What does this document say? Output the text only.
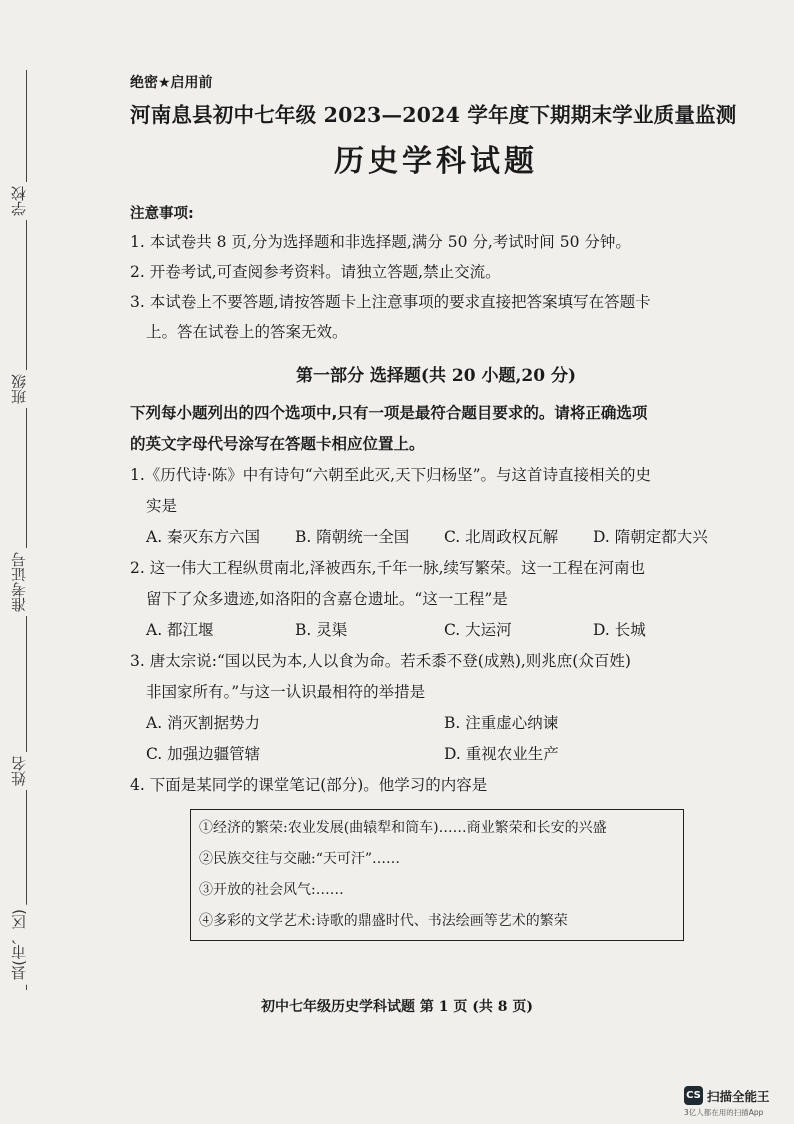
学校
班级
准考证号
姓名
县(市、区)
绝密★启用前
河南息县初中七年级 2023—2024 学年度下期期末学业质量监测
历史学科试题
注意事项:
1. 本试卷共 8 页,分为选择题和非选择题,满分 50 分,考试时间 50 分钟。
2. 开卷考试,可查阅参考资料。请独立答题,禁止交流。
3. 本试卷上不要答题,请按答题卡上注意事项的要求直接把答案填写在答题卡
上。答在试卷上的答案无效。
第一部分 选择题(共 20 小题,20 分)
下列每小题列出的四个选项中,只有一项是最符合题目要求的。请将正确选项
的英文字母代号涂写在答题卡相应位置上。
1.《历代诗·陈》中有诗句“六朝至此灭,天下归杨坚”。与这首诗直接相关的史
实是
A. 秦灭东方六国	B. 隋朝统一全国	C. 北周政权瓦解	D. 隋朝定都大兴
2. 这一伟大工程纵贯南北,泽被西东,千年一脉,续写繁荣。这一工程在河南也
留下了众多遗迹,如洛阳的含嘉仓遗址。“这一工程”是
A. 都江堰	B. 灵渠	C. 大运河	D. 长城
3. 唐太宗说:“国以民为本,人以食为命。若禾黍不登(成熟),则兆庶(众百姓)
非国家所有。”与这一认识最相符的举措是
A. 消灭割据势力	B. 注重虚心纳谏
C. 加强边疆管辖	D. 重视农业生产
4. 下面是某同学的课堂笔记(部分)。他学习的内容是
①经济的繁荣:农业发展(曲辕犁和筒车)……商业繁荣和长安的兴盛
②民族交往与交融:“天可汗”……
③开放的社会风气:……
④多彩的文学艺术:诗歌的鼎盛时代、书法绘画等艺术的繁荣
初中七年级历史学科试题 第 1 页 (共 8 页)
CS 扫描全能王
3亿人都在用的扫描App
